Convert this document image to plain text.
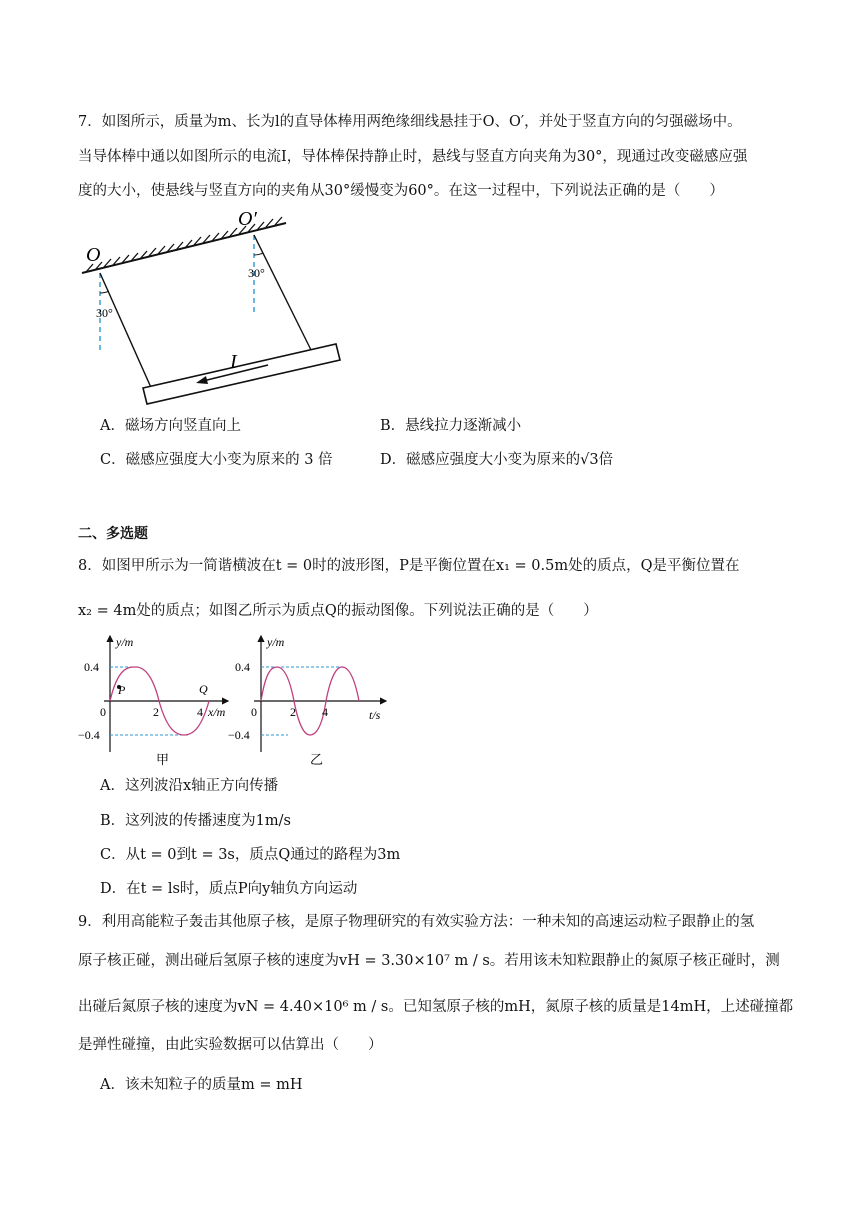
7．如图所示，质量为m、长为l的直导体棒用两绝缘细线悬挂于O、O′，并处于竖直方向的匀强磁场中。
当导体棒中通以如图所示的电流I，导体棒保持静止时，悬线与竖直方向夹角为30°，现通过改变磁感应强
度的大小，使悬线与竖直方向的夹角从30°缓慢变为60°。在这一过程中，下列说法正确的是（　　）
O
O′
30°
30°
I
A．磁场方向竖直向上	B．悬线拉力逐渐减小
C．磁感应强度大小变为原来的 3 倍	D．磁感应强度大小变为原来的√3倍
二、多选题
8．如图甲所示为一简谐横波在t = 0时的波形图，P是平衡位置在x₁ = 0.5m处的质点，Q是平衡位置在
x₂ = 4m处的质点；如图乙所示为质点Q的振动图像。下列说法正确的是（　　）
y/m
x/m
0.4
−0.4
0	2	4
P	Q
甲
y/m
t/s
0.4
−0.4
0	2 4
乙
A．这列波沿x轴正方向传播
B．这列波的传播速度为1m/s
C．从t = 0到t = 3s，质点Q通过的路程为3m
D．在t = ls时，质点P向y轴负方向运动
9．利用高能粒子轰击其他原子核，是原子物理研究的有效实验方法：一种未知的高速运动粒子跟静止的氢
原子核正碰，测出碰后氢原子核的速度为vH = 3.30×10⁷ m / s。若用该未知粒跟静止的氮原子核正碰时，测
出碰后氮原子核的速度为vN = 4.40×10⁶ m / s。已知氢原子核的mH，氮原子核的质量是14mH，上述碰撞都
是弹性碰撞，由此实验数据可以估算出（　　）
A．该未知粒子的质量m = mH
